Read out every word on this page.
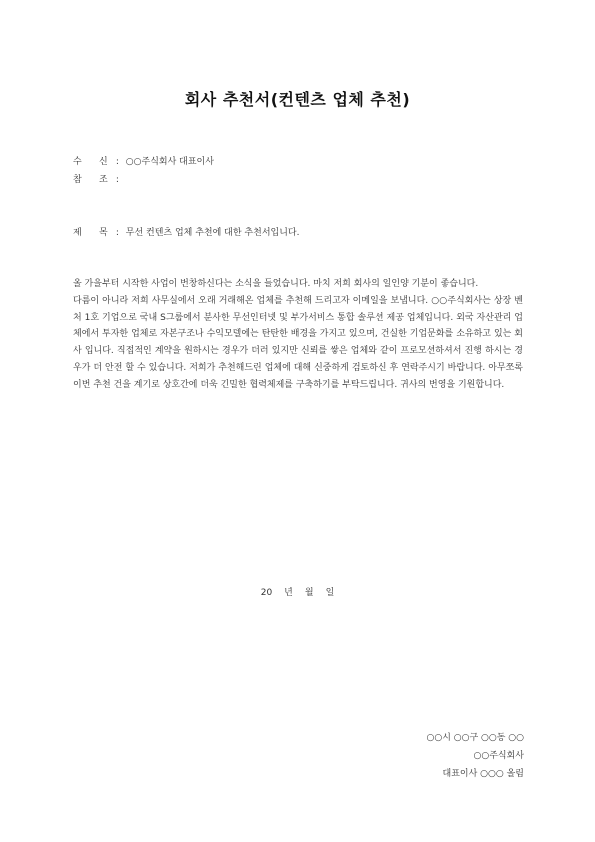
회사 추천서(컨텐츠 업체 추천)
수 신 : ○○주식회사 대표이사
참 조 :
제 목 : 무선 컨텐츠 업체 추천에 대한 추천서입니다.

올 가을부터 시작한 사업이 번창하신다는 소식을 들었습니다. 마치 저희 회사의 일인양 기분이 좋습니다.

다름이 아니라 저희 사무실에서 오래 거래해온 업체를 추천해 드리고자 이메일을 보냅니다. ○○주식회사는 상장 벤처 1호 기업으로 국내 S그룹에서 분사한 무선인터넷 및 부가서비스 통합 솔루션 제공 업체입니다. 외국 자산관리 업체에서 투자한 업체로 자본구조나 수익모델에는 탄탄한 배경을 가지고 있으며, 건실한 기업문화를 소유하고 있는 회사 입니다. 직접적인 계약을 원하시는 경우가 더러 있지만 신뢰를 쌓은 업체와 같이 프로모션하셔서 진행 하시는 경우가 더 안전 할 수 있습니다. 저희가 추천해드린 업체에 대해 신중하게 검토하신 후 연락주시기 바랍니다. 아무쪼록 이번 추천 건을 계기로 상호간에 더욱 긴밀한 협력체제를 구축하기를 부탁드립니다. 귀사의 번영을 기원합니다.

20 년 월 일
○○시 ○○구 ○○동 ○○
○○주식회사
대표이사 ○○○ 올림
